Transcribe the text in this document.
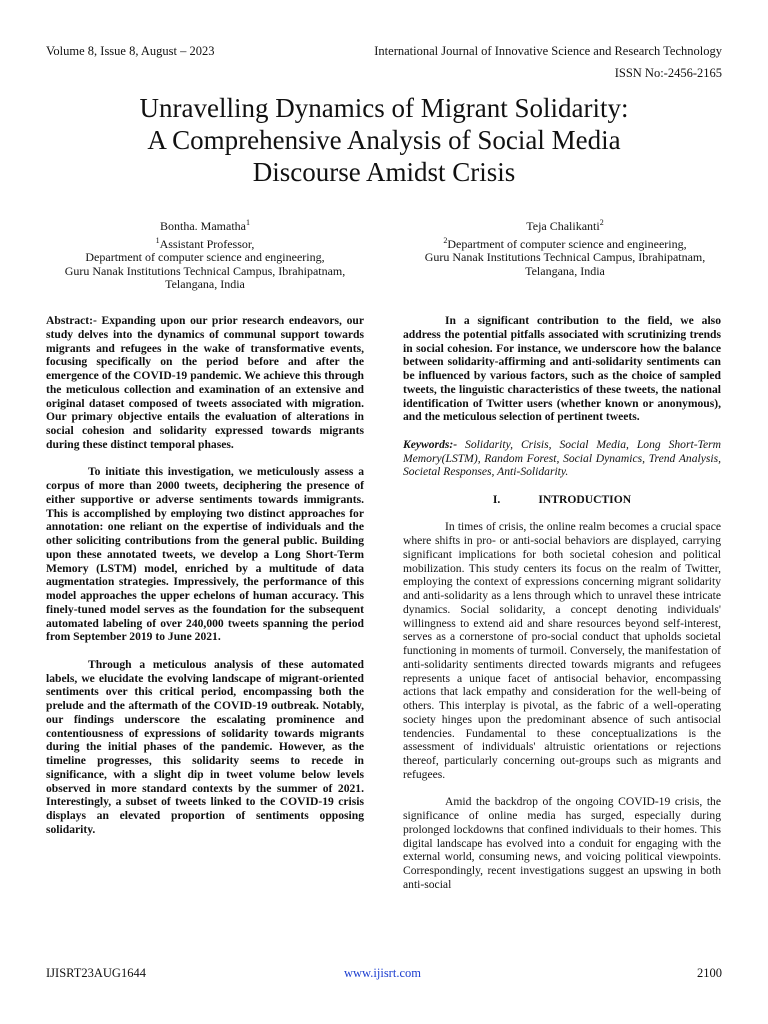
Volume 8, Issue 8, August – 2023	International Journal of Innovative Science and Research Technology
ISSN No:-2456-2165
Unravelling Dynamics of Migrant Solidarity:
A Comprehensive Analysis of Social Media
Discourse Amidst Crisis
Bontha. Mamatha$^1$
$^1$Assistant Professor,
Department of computer science and engineering,
Guru Nanak Institutions Technical Campus, Ibrahipatnam,
Telangana, India
Teja Chalikanti$^2$
$^2$Department of computer science and engineering,
Guru Nanak Institutions Technical Campus, Ibrahipatnam,
Telangana, India

Abstract:- Expanding upon our prior research endeavors, our study delves into the dynamics of communal support towards migrants and refugees in the wake of transformative events, focusing specifically on the period before and after the emergence of the COVID-19 pandemic. We achieve this through the meticulous collection and examination of an extensive and original dataset composed of tweets associated with migration. Our primary objective entails the evaluation of alterations in social cohesion and solidarity expressed towards migrants during these distinct temporal phases.

To initiate this investigation, we meticulously assess a corpus of more than 2000 tweets, deciphering the presence of either supportive or adverse sentiments towards immigrants. This is accomplished by employing two distinct approaches for annotation: one reliant on the expertise of individuals and the other soliciting contributions from the general public. Building upon these annotated tweets, we develop a Long Short-Term Memory (LSTM) model, enriched by a multitude of data augmentation strategies. Impressively, the performance of this model approaches the upper echelons of human accuracy. This finely-tuned model serves as the foundation for the subsequent automated labeling of over 240,000 tweets spanning the period from September 2019 to June 2021.

Through a meticulous analysis of these automated labels, we elucidate the evolving landscape of migrant-oriented sentiments over this critical period, encompassing both the prelude and the aftermath of the COVID-19 outbreak. Notably, our findings underscore the escalating prominence and contentiousness of expressions of solidarity towards migrants during the initial phases of the pandemic. However, as the timeline progresses, this solidarity seems to recede in significance, with a slight dip in tweet volume below levels observed in more standard contexts by the summer of 2021. Interestingly, a subset of tweets linked to the COVID-19 crisis displays an elevated proportion of sentiments opposing solidarity.

In a significant contribution to the field, we also address the potential pitfalls associated with scrutinizing trends in social cohesion. For instance, we underscore how the balance between solidarity-affirming and anti-solidarity sentiments can be influenced by various factors, such as the choice of sampled tweets, the linguistic characteristics of these tweets, the national identification of Twitter users (whether known or anonymous), and the meticulous selection of pertinent tweets.

Keywords:- Solidarity, Crisis, Social Media, Long Short-Term Memory(LSTM), Random Forest, Social Dynamics, Trend Analysis, Societal Responses, Anti-Solidarity.

I.	INTRODUCTION

In times of crisis, the online realm becomes a crucial space where shifts in pro- or anti-social behaviors are displayed, carrying significant implications for both societal cohesion and political mobilization. This study centers its focus on the realm of Twitter, employing the context of expressions concerning migrant solidarity and anti-solidarity as a lens through which to unravel these intricate dynamics. Social solidarity, a concept denoting individuals' willingness to extend aid and share resources beyond self-interest, serves as a cornerstone of pro-social conduct that upholds societal functioning in moments of turmoil. Conversely, the manifestation of anti-solidarity sentiments directed towards migrants and refugees represents a unique facet of antisocial behavior, encompassing actions that lack empathy and consideration for the well-being of others. This interplay is pivotal, as the fabric of a well-operating society hinges upon the predominant absence of such antisocial tendencies. Fundamental to these conceptualizations is the assessment of individuals' altruistic orientations or rejections thereof, particularly concerning out-groups such as migrants and refugees.

Amid the backdrop of the ongoing COVID-19 crisis, the significance of online media has surged, especially during prolonged lockdowns that confined individuals to their homes. This digital landscape has evolved into a conduit for engaging with the external world, consuming news, and voicing political viewpoints. Correspondingly, recent investigations suggest an upswing in both anti-social

IJISRT23AUG1644	www.ijisrt.com	2100
